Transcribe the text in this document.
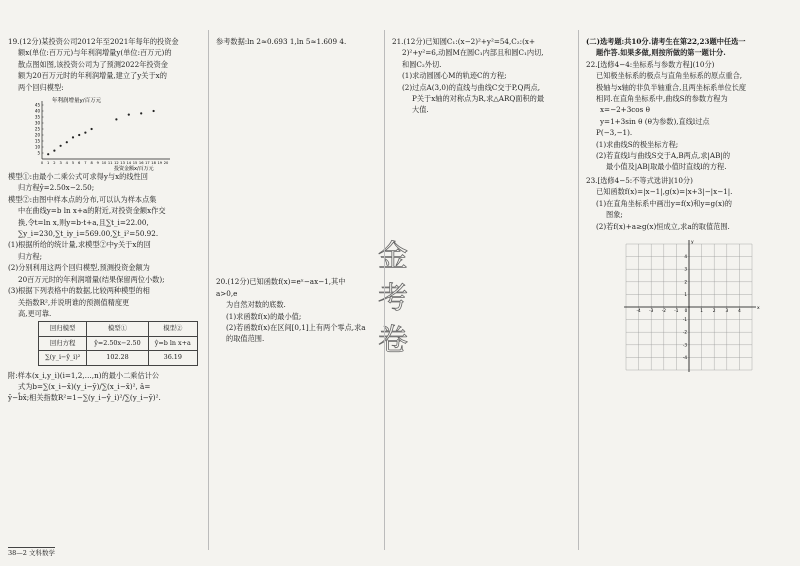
19.(12分)某投资公司2012年至2021年每年的投资金
额x(单位:百万元)与年利润增量y(单位:百万元)的
散点图如图,该投资公司为了预测2022年投资金
额为20百万元时的年利润增量,建立了y关于x的
两个回归模型:
年利润增量y/百万元
5
10
15
20
25
30
35
40
45
0 1 2 3 4 5 6 7 8 9 10 11 12 13 14 15 16 17 18 19 20
投资金额x/百万元
模型①:由最小二乘公式可求得y与x的线性回
归方程ŷ=2.50x−2.50;
模型②:由图中样本点的分布,可以认为样本点集
中在曲线y=b ln x+a的附近,对投资金额x作交
换,令t=ln x,则y=b·t+a,且∑t_i=22.00,
∑y_i=230,∑t_iy_i=569.00,∑t_i²=50.92.
(1)根据所给的统计量,求模型②中y关于x的回
归方程;
(2)分别利用这两个回归模型,预测投资金额为
20百万元时的年利润增量(结果保留两位小数);
(3)根据下列表格中的数据,比较两种模型的相
关指数R²,并说明谁的预测值精度更
高,更可靠.
回归模型	模型①	模型②
回归方程	ŷ=2.50x−2.50	ŷ=b ln x+a
∑(y_i−ŷ_i)²	102.28	36.19
附:样本(x_i,y_i)(i=1,2,…,n)的最小二乘估计公
式为b=∑(x_i−x̄)(y_i−ȳ)/∑(x_i−x̄)², â=
ȳ−b̂x̄;相关指数R²=1−∑(y_i−ŷ_i)²/∑(y_i−ȳ)².
参考数据:ln 2≈0.693 1,ln 5≈1.609 4.
20.(12分)已知函数f(x)=eˣ−ax−1,其中a>0,e
为自然对数的底数.
(1)求函数f(x)的最小值;
(2)若函数f(x)在区间[0,1]上有两个零点,求a
的取值范围.
金
考
卷
21.(12分)已知圆C₁:(x−2)²+y²=54,C₂:(x+
2)²+y²=6,动圆M在圆C₁内部且和圆C₁内切,
和圆C₂外切.
(1)求动圆圆心M的轨迹C的方程;
(2)过点A(3,0)的直线与曲线C交于P,Q两点,
P关于x轴的对称点为R,求△ARQ面积的最
大值.
(二)选考题:共10分.请考生在第22,23题中任选一
题作答.如果多做,则按所做的第一题计分.
22.[选修4−4:坐标系与参数方程](10分)
已知极坐标系的极点与直角坐标系的原点重合,
极轴与x轴的非负半轴重合,且两坐标系单位长度
相同.在直角坐标系中,曲线S的参数方程为
x=−2+3cos θ
y=1+3sin θ (θ为参数),直线l过点
P(−3,−1).
(1)求曲线S的极坐标方程;
(2)若直线l与曲线S交于A,B两点,求|AB|的
最小值及|AB|取最小值时直线l的方程.
23.[选修4−5:不等式选讲](10分)
已知函数f(x)=|x−1|,g(x)=|x+3|−|x−1|.
(1)在直角坐标系中画出y=f(x)和y=g(x)的
图象;
(2)若f(x)+a≥g(x)恒成立,求a的取值范围.
-4 -3 -2 -1 0	1 2 3 4
-4
-3
-2
-1
1
2
3
4
x
y
38—2 文科数学
